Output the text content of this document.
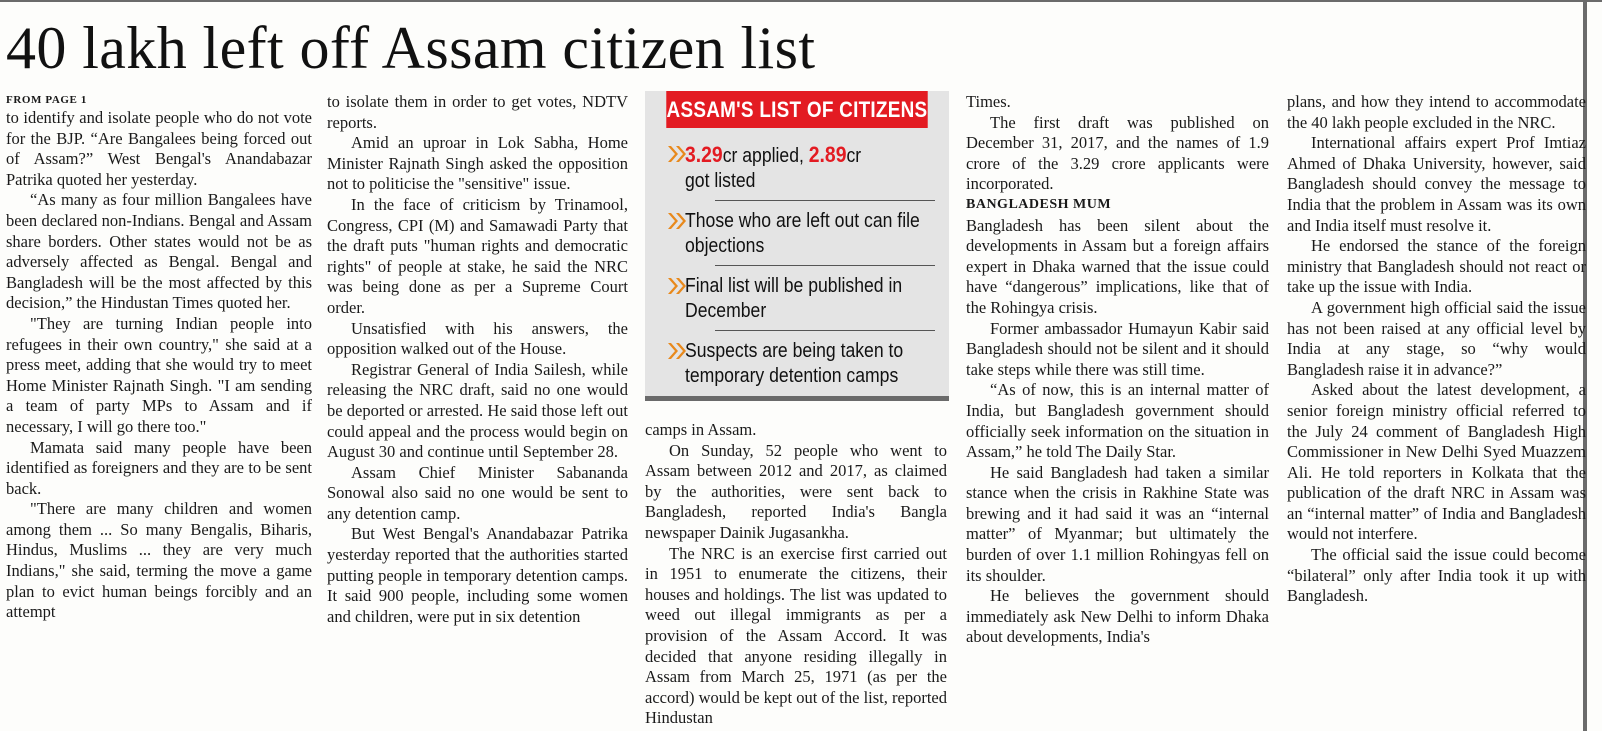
40 lakh left off Assam citizen list

FROM PAGE 1

to identify and isolate people who do not vote for the BJP. “Are Bangalees being forced out of Assam?” West Bengal's Anandabazar Patrika quoted her yesterday.

“As many as four million Bangalees have been declared non-Indians. Bengal and Assam share borders. Other states would not be as adversely affected as Bengal. Bengal and Bangladesh will be the most affected by this decision,” the Hindustan Times quoted her.

"They are turning Indian people into refugees in their own country," she said at a press meet, adding that she would try to meet Home Minister Rajnath Singh. "I am sending a team of party MPs to Assam and if necessary, I will go there too."

Mamata said many people have been identified as foreigners and they are to be sent back.

"There are many children and women among them ... So many Bengalis, Biharis, Hindus, Muslims ... they are very much Indians," she said, terming the move a game plan to evict human beings forcibly and an attempt

to isolate them in order to get votes, NDTV reports.

Amid an uproar in Lok Sabha, Home Minister Rajnath Singh asked the opposition not to politicise the "sensitive" issue.

In the face of criticism by Trinamool, Congress, CPI (M) and Samawadi Party that the draft puts "human rights and democratic rights" of people at stake, he said the NRC was being done as per a Supreme Court order.

Unsatisfied with his answers, the opposition walked out of the House.

Registrar General of India Sailesh, while releasing the NRC draft, said no one would be deported or arrested. He said those left out could appeal and the process would begin on August 30 and continue until September 28.

Assam Chief Minister Sabananda Sonowal also said no one would be sent to any detention camp.

But West Bengal's Anandabazar Patrika yesterday reported that the authorities started putting people in temporary detention camps. It said 900 people, including some women and children, were put in six detention

ASSAM'S LIST OF CITIZENS
3.29cr applied, 2.89cr
got listed
Those who are left out can file objections
Final list will be published in December
Suspects are being taken to temporary detention camps

camps in Assam.

On Sunday, 52 people who went to Assam between 2012 and 2017, as claimed by the authorities, were sent back to Bangladesh, reported India's Bangla newspaper Dainik Jugasankha.

The NRC is an exercise first carried out in 1951 to enumerate the citizens, their houses and holdings. The list was updated to weed out illegal immigrants as per a provision of the Assam Accord. It was decided that anyone residing illegally in Assam from March 25, 1971 (as per the accord) would be kept out of the list, reported Hindustan

Times.

The first draft was published on December 31, 2017, and the names of 1.9 crore of the 3.29 crore applicants were incorporated.

BANGLADESH MUM

Bangladesh has been silent about the developments in Assam but a foreign affairs expert in Dhaka warned that the issue could have “dangerous” implications, like that of the Rohingya crisis.

Former ambassador Humayun Kabir said Bangladesh should not be silent and it should take steps while there was still time.

“As of now, this is an internal matter of India, but Bangladesh government should officially seek information on the situation in Assam,” he told The Daily Star.

He said Bangladesh had taken a similar stance when the crisis in Rakhine State was brewing and it had said it was an “internal matter” of Myanmar; but ultimately the burden of over 1.1 million Rohingyas fell on its shoulder.

He believes the government should immediately ask New Delhi to inform Dhaka about developments, India's

plans, and how they intend to accommodate the 40 lakh people excluded in the NRC.

International affairs expert Prof Imtiaz Ahmed of Dhaka University, however, said Bangladesh should convey the message to India that the problem in Assam was its own and India itself must resolve it.

He endorsed the stance of the foreign ministry that Bangladesh should not react or take up the issue with India.

A government high official said the issue has not been raised at any official level by India at any stage, so “why would Bangladesh raise it in advance?”

Asked about the latest development, a senior foreign ministry official referred to the July 24 comment of Bangladesh High Commissioner in New Delhi Syed Muazzem Ali. He told reporters in Kolkata that the publication of the draft NRC in Assam was an “internal matter” of India and Bangladesh would not interfere.

The official said the issue could become “bilateral” only after India took it up with Bangladesh.
